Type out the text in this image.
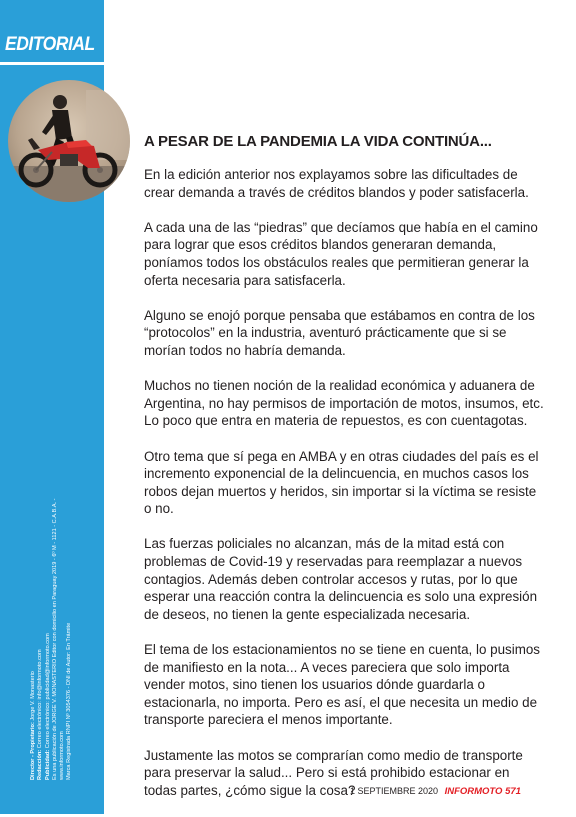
EDITORIAL
Director - Propietario: Jorge V. Monasterio
Redacción: Correo electrónico: info@informoto.com
Publicidad: Correo electrónico: publicidad@informoto.com Es una publicación de JORGE V. MONASTERIO Editor con domicilio en Paraguay 2019 - 6º M - 1121 - C.A.B.A. - www.informoto.com Marca Registrada RNPI Nº 3054376 - DNI de Autor: En Trámite
A PESAR DE LA PANDEMIA LA VIDA CONTINÚA...

En la edición anterior nos explayamos sobre las dificultades de crear demanda a través de créditos blandos y poder satisfacerla.

A cada una de las “piedras” que decíamos que había en el camino para lograr que esos créditos blandos generaran demanda, poníamos todos los obstáculos reales que permitieran generar la oferta necesaria para satisfacerla.

Alguno se enojó porque pensaba que estábamos en contra de los “protocolos” en la industria, aventuró prácticamente que si se morían todos no habría demanda.

Muchos no tienen noción de la realidad económica y aduanera de Argentina, no hay permisos de importación de motos, insumos, etc. Lo poco que entra en materia de repuestos, es con cuentagotas.

Otro tema que sí pega en AMBA y en otras ciudades del país es el incremento exponencial de la delincuencia, en muchos casos los robos dejan muertos y heridos, sin importar si la víctima se resiste o no.

Las fuerzas policiales no alcanzan, más de la mitad está con problemas de Covid-19 y reservadas para reemplazar a nuevos contagios. Además deben controlar accesos y rutas, por lo que esperar una reacción contra la delincuencia es solo una expresión de deseos, no tienen la gente especializada necesaria.

El tema de los estacionamientos no se tiene en cuenta, lo pusimos de manifiesto en la nota... A veces pareciera que solo importa vender motos, sino tienen los usuarios dónde guardarla o estacionarla, no importa. Pero es así, el que necesita un medio de transporte pareciera el menos importante.

Justamente las motos se comprarían como medio de transporte para preservar la salud... Pero si está prohibido estacionar en todas partes, ¿cómo sigue la cosa?

1 SEPTIEMBRE 2020 INFORMOTO 571
